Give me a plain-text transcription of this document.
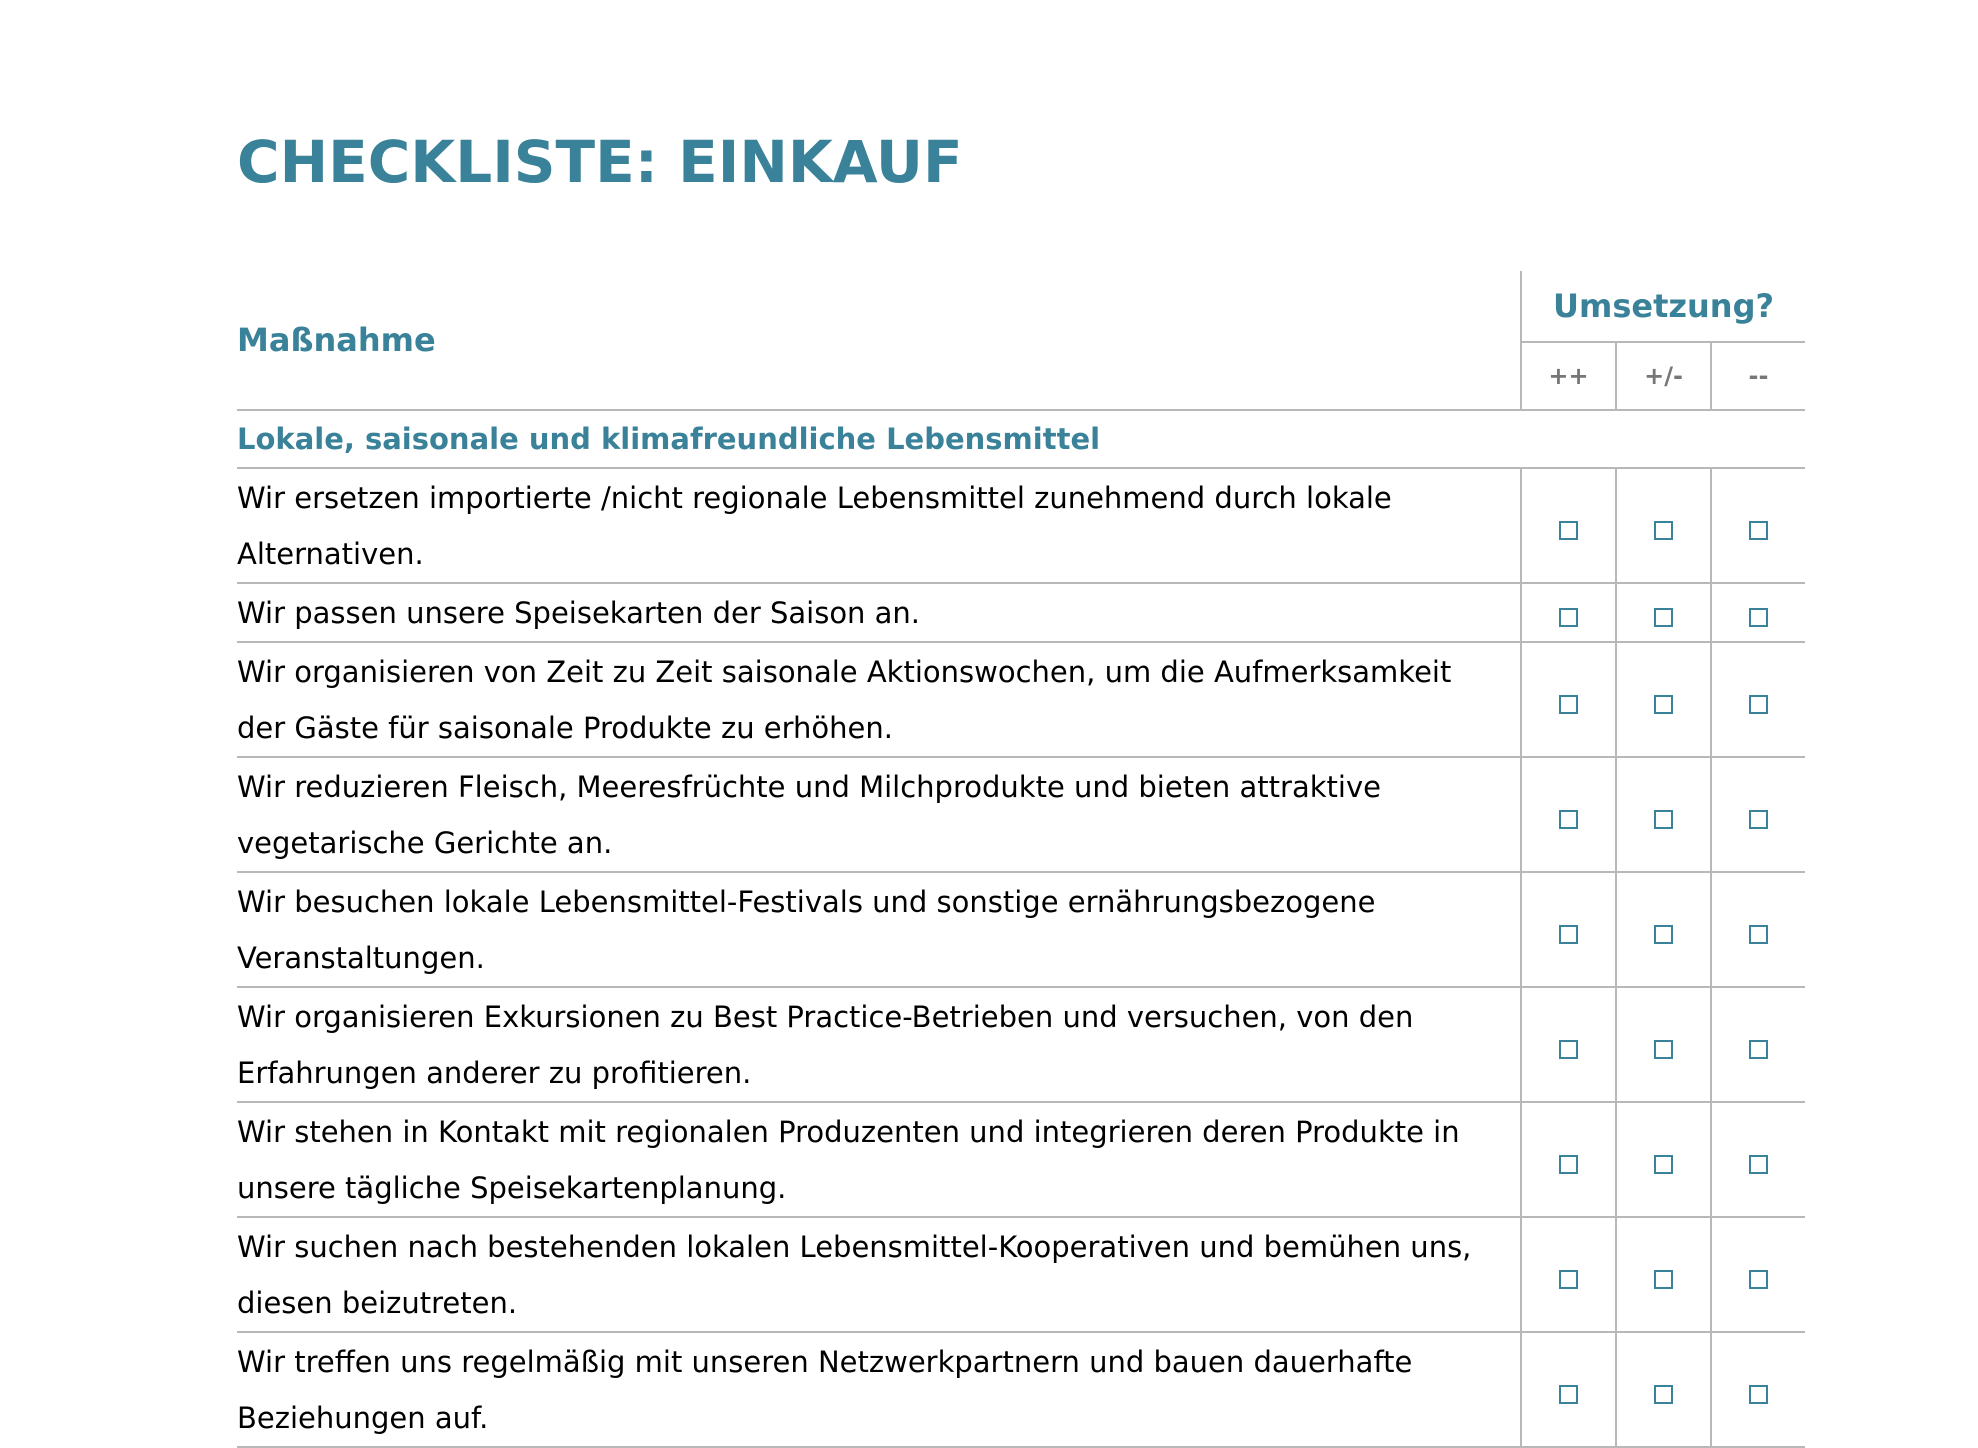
CHECKLISTE: EINKAUF
Maßnahme	Umsetzung?		
	++	+/-	--
Lokale, saisonale und klimafreundliche Lebensmittel			
Wir ersetzen importierte /nicht regionale Lebensmittel zunehmend durch lokale Alternativen.			
Wir passen unsere Speisekarten der Saison an.			
Wir organisieren von Zeit zu Zeit saisonale Aktionswochen, um die Aufmerksamkeit der Gäste für saisonale Produkte zu erhöhen.			
Wir reduzieren Fleisch, Meeresfrüchte und Milchprodukte und bieten attraktive vegetarische Gerichte an.			
Wir besuchen lokale Lebensmittel-Festivals und sonstige ernährungsbezogene Veranstaltungen.			
Wir organisieren Exkursionen zu Best Practice-Betrieben und versuchen, von den Erfahrungen anderer zu profitieren.			
Wir stehen in Kontakt mit regionalen Produzenten und integrieren deren Produkte in unsere tägliche Speisekartenplanung.			
Wir suchen nach bestehenden lokalen Lebensmittel-Kooperativen und bemühen uns, diesen beizutreten.			
Wir treffen uns regelmäßig mit unseren Netzwerkpartnern und bauen dauerhafte Beziehungen auf.			
